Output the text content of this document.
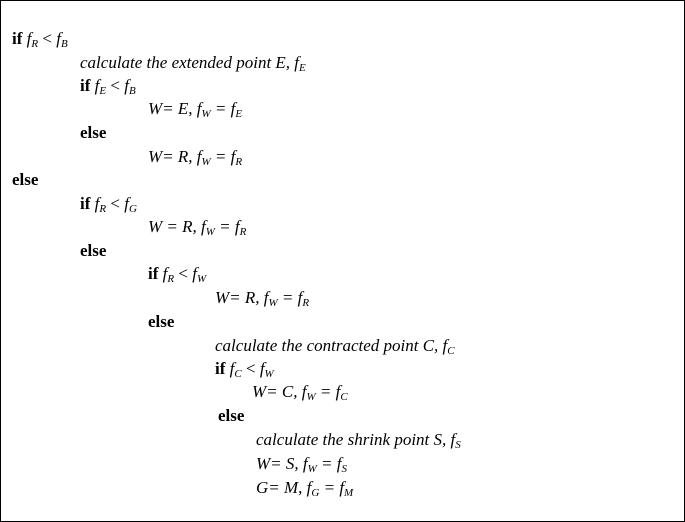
if fR < fB
calculate the extended point E, fE
if fE < fB
W= E, fW = fE
else
W= R, fW = fR
else
if fR < fG
W = R, fW = fR
else
if fR < fW
W= R, fW = fR
else
calculate the contracted point C, fC
if fC < fW
W= C, fW = fC
else
calculate the shrink point S, fS
W= S, fW = fS
G= M, fG = fM
